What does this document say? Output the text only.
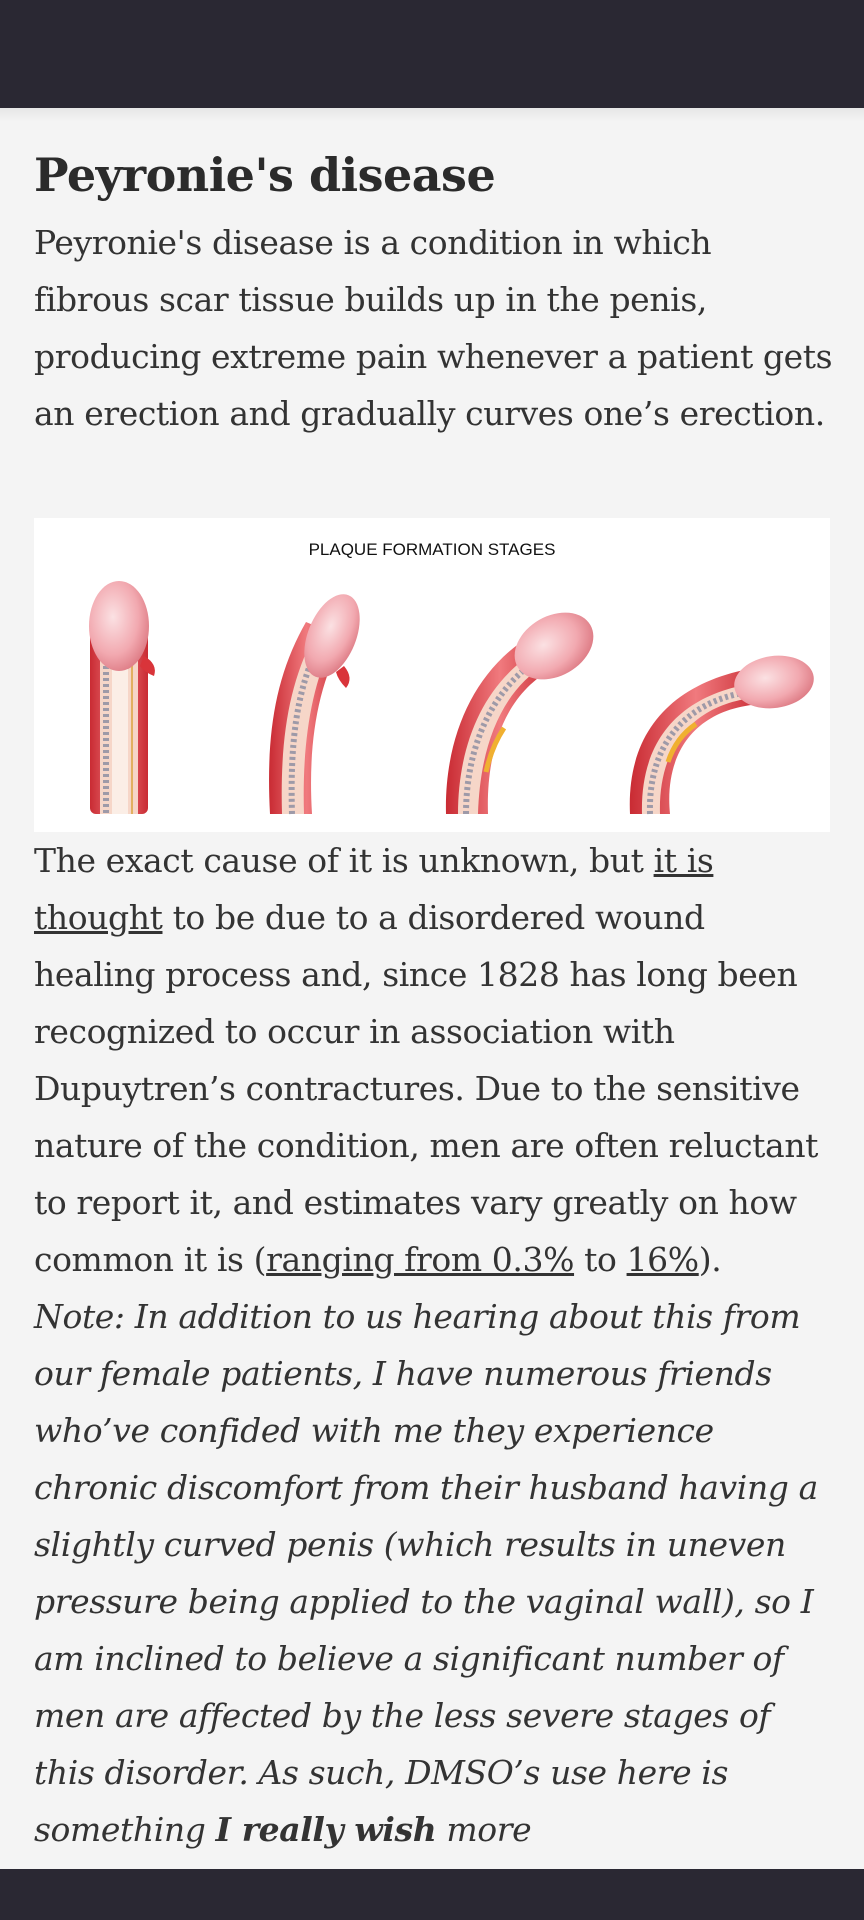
Peyronie's disease

Peyronie's disease is a condition in which fibrous scar tissue builds up in the penis, producing extreme pain whenever a patient gets an erection and gradually curves one’s erection.

PLAQUE FORMATION STAGES

The exact cause of it is unknown, but it is thought to be due to a disordered wound healing process and, since 1828 has long been recognized to occur in association with Dupuytren’s contractures. Due to the sensitive nature of the condition, men are often reluctant to report it, and estimates vary greatly on how common it is (ranging from 0.3% to 16%).

Note: In addition to us hearing about this from our female patients, I have numerous friends who’ve confided with me they experience chronic discomfort from their husband having a slightly curved penis (which results in uneven pressure being applied to the vaginal wall), so I am inclined to believe a significant number of men are affected by the less severe stages of this disorder. As such, DMSO’s use here is something I really wish more
